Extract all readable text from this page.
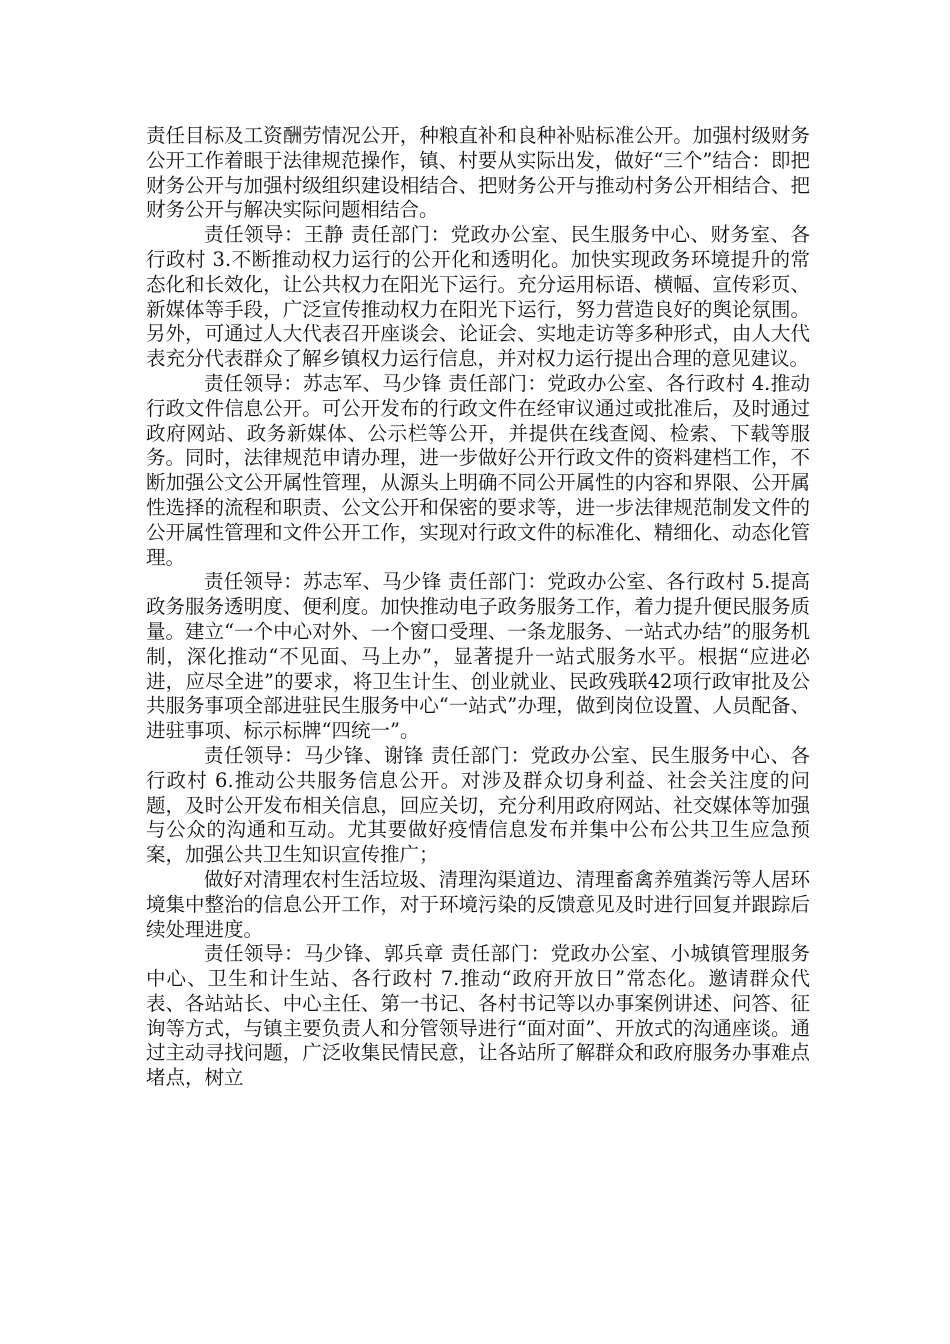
责任目标及工资酬劳情况公开，种粮直补和良种补贴标准公开。加强村级财务公开工作着眼于法律规范操作，镇、村要从实际出发，做好“三个”结合：即把财务公开与加强村级组织建设相结合、把财务公开与推动村务公开相结合、把财务公开与解决实际问题相结合。

责任领导：王静 责任部门：党政办公室、民生服务中心、财务室、各行政村 3.不断推动权力运行的公开化和透明化。加快实现政务环境提升的常态化和长效化，让公共权力在阳光下运行。充分运用标语、横幅、宣传彩页、新媒体等手段，广泛宣传推动权力在阳光下运行，努力营造良好的舆论氛围。另外，可通过人大代表召开座谈会、论证会、实地走访等多种形式，由人大代表充分代表群众了解乡镇权力运行信息，并对权力运行提出合理的意见建议。

责任领导：苏志军、马少锋 责任部门：党政办公室、各行政村 4.推动行政文件信息公开。可公开发布的行政文件在经审议通过或批准后，及时通过政府网站、政务新媒体、公示栏等公开，并提供在线查阅、检索、下载等服务。同时，法律规范申请办理，进一步做好公开行政文件的资料建档工作，不断加强公文公开属性管理，从源头上明确不同公开属性的内容和界限、公开属性选择的流程和职责、公文公开和保密的要求等，进一步法律规范制发文件的公开属性管理和文件公开工作，实现对行政文件的标准化、精细化、动态化管理。

责任领导：苏志军、马少锋 责任部门：党政办公室、各行政村 5.提高政务服务透明度、便利度。加快推动电子政务服务工作，着力提升便民服务质量。建立“一个中心对外、一个窗口受理、一条龙服务、一站式办结”的服务机制，深化推动“不见面、马上办”，显著提升一站式服务水平。根据“应进必进，应尽全进”的要求，将卫生计生、创业就业、民政残联42项行政审批及公共服务事项全部进驻民生服务中心“一站式”办理，做到岗位设置、人员配备、进驻事项、标示标牌“四统一”。

责任领导：马少锋、谢锋 责任部门：党政办公室、民生服务中心、各行政村 6.推动公共服务信息公开。对涉及群众切身利益、社会关注度的问题，及时公开发布相关信息，回应关切，充分利用政府网站、社交媒体等加强与公众的沟通和互动。尤其要做好疫情信息发布并集中公布公共卫生应急预案，加强公共卫生知识宣传推广；

做好对清理农村生活垃圾、清理沟渠道边、清理畜禽养殖粪污等人居环境集中整治的信息公开工作，对于环境污染的反馈意见及时进行回复并跟踪后续处理进度。

责任领导：马少锋、郭兵章 责任部门：党政办公室、小城镇管理服务中心、卫生和计生站、各行政村 7.推动“政府开放日”常态化。邀请群众代表、各站站长、中心主任、第一书记、各村书记等以办事案例讲述、问答、征询等方式，与镇主要负责人和分管领导进行“面对面”、开放式的沟通座谈。通过主动寻找问题，广泛收集民情民意，让各站所了解群众和政府服务办事难点堵点，树立
